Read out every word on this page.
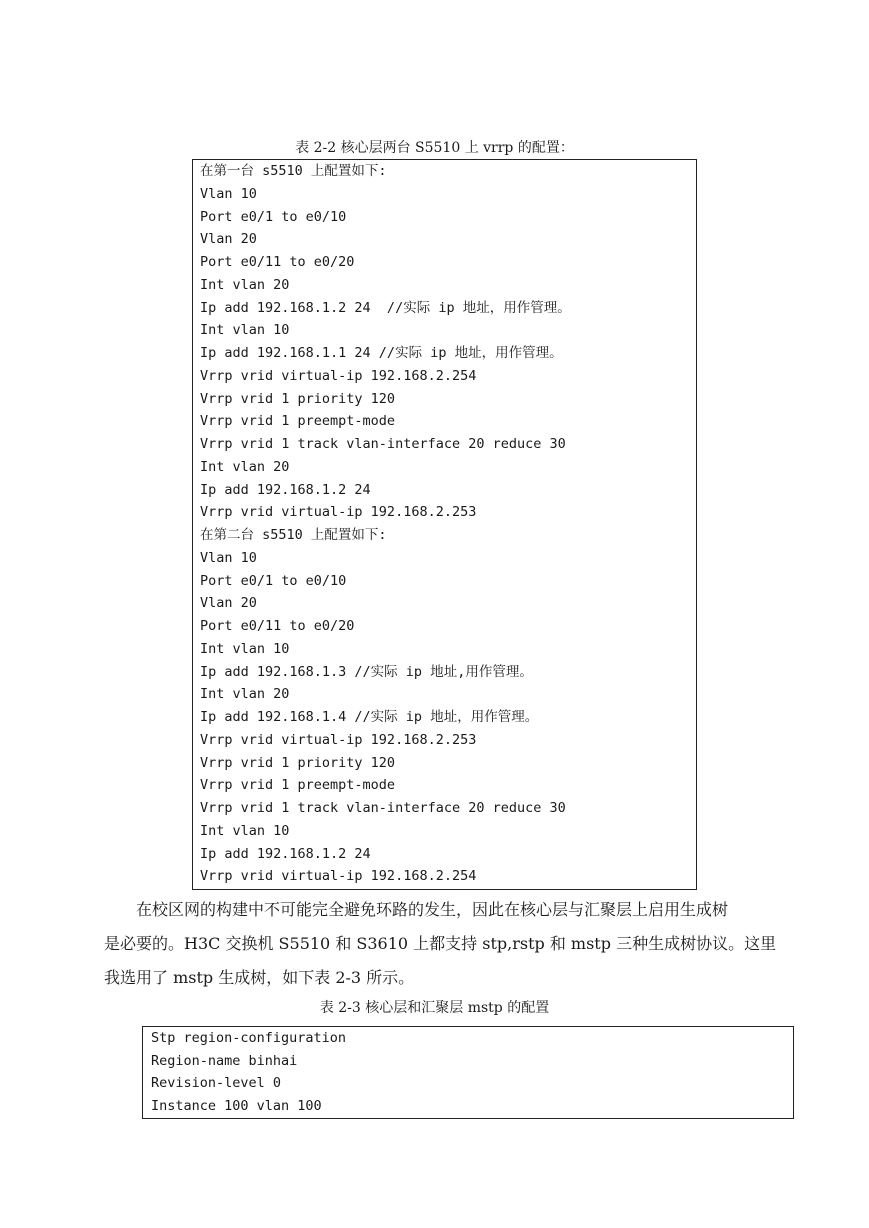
表 2-2 核心层两台 S5510 上 vrrp 的配置：
在第一台 s5510 上配置如下:
Vlan 10
Port e0/1 to e0/10
Vlan 20
Port e0/11 to e0/20
Int vlan 20
Ip add 192.168.1.2 24  //实际 ip 地址，用作管理。
Int vlan 10
Ip add 192.168.1.1 24 //实际 ip 地址，用作管理。
Vrrp vrid virtual-ip 192.168.2.254
Vrrp vrid 1 priority 120
Vrrp vrid 1 preempt-mode
Vrrp vrid 1 track vlan-interface 20 reduce 30
Int vlan 20
Ip add 192.168.1.2 24
Vrrp vrid virtual-ip 192.168.2.253
在第二台 s5510 上配置如下:
Vlan 10
Port e0/1 to e0/10
Vlan 20
Port e0/11 to e0/20
Int vlan 10
Ip add 192.168.1.3 //实际 ip 地址,用作管理。
Int vlan 20
Ip add 192.168.1.4 //实际 ip 地址，用作管理。
Vrrp vrid virtual-ip 192.168.2.253
Vrrp vrid 1 priority 120
Vrrp vrid 1 preempt-mode
Vrrp vrid 1 track vlan-interface 20 reduce 30
Int vlan 10
Ip add 192.168.1.2 24
Vrrp vrid virtual-ip 192.168.2.254

　　在校区网的构建中不可能完全避免环路的发生，因此在核心层与汇聚层上启用生成树

是必要的。H3C 交换机 S5510 和 S3610 上都支持 stp,rstp 和 mstp 三种生成树协议。这里

我选用了 mstp 生成树，如下表 2-3 所示。

表 2-3 核心层和汇聚层 mstp 的配置
Stp region-configuration
Region-name binhai
Revision-level 0
Instance 100 vlan 100
